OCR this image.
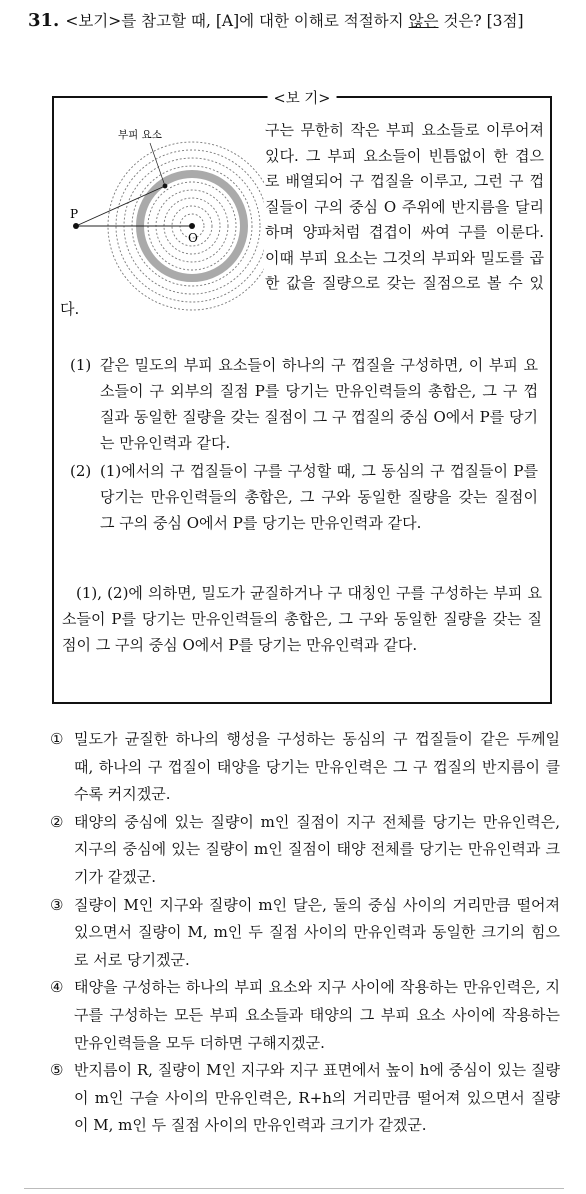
31. <보기>를 참고할 때, [A]에 대한 이해로 적절하지 않은 것은? [3점]
<보 기>
구는 무한히 작은 부피 요소들로 이루어져 있다. 그 부피 요소들이 빈틈없이 한 겹으로 배열되어 구 껍질을 이루고, 그런 구 껍질들이 구의 중심 O 주위에 반지름을 달리하며 양파처럼 겹겹이 싸여 구를 이룬다. 이때 부피 요소는 그것의 부피와 밀도를 곱한 값을 질량으로 갖는 질점으로 볼 수 있다.
부피 요소
P
O
(1) 같은 밀도의 부피 요소들이 하나의 구 껍질을 구성하면, 이 부피 요소들이 구 외부의 질점 P를 당기는 만유인력들의 총합은, 그 구 껍질과 동일한 질량을 갖는 질점이 그 구 껍질의 중심 O에서 P를 당기는 만유인력과 같다.
(2) (1)에서의 구 껍질들이 구를 구성할 때, 그 동심의 구 껍질들이 P를 당기는 만유인력들의 총합은, 그 구와 동일한 질량을 갖는 질점이 그 구의 중심 O에서 P를 당기는 만유인력과 같다.
(1), (2)에 의하면, 밀도가 균질하거나 구 대칭인 구를 구성하는 부피 요소들이 P를 당기는 만유인력들의 총합은, 그 구와 동일한 질량을 갖는 질점이 그 구의 중심 O에서 P를 당기는 만유인력과 같다.
① 밀도가 균질한 하나의 행성을 구성하는 동심의 구 껍질들이 같은 두께일 때, 하나의 구 껍질이 태양을 당기는 만유인력은 그 구 껍질의 반지름이 클수록 커지겠군.
② 태양의 중심에 있는 질량이 m인 질점이 지구 전체를 당기는 만유인력은, 지구의 중심에 있는 질량이 m인 질점이 태양 전체를 당기는 만유인력과 크기가 같겠군.
③ 질량이 M인 지구와 질량이 m인 달은, 둘의 중심 사이의 거리만큼 떨어져 있으면서 질량이 M, m인 두 질점 사이의 만유인력과 동일한 크기의 힘으로 서로 당기겠군.
④ 태양을 구성하는 하나의 부피 요소와 지구 사이에 작용하는 만유인력은, 지구를 구성하는 모든 부피 요소들과 태양의 그 부피 요소 사이에 작용하는 만유인력들을 모두 더하면 구해지겠군.
⑤ 반지름이 R, 질량이 M인 지구와 지구 표면에서 높이 h에 중심이 있는 질량이 m인 구슬 사이의 만유인력은, R+h의 거리만큼 떨어져 있으면서 질량이 M, m인 두 질점 사이의 만유인력과 크기가 같겠군.
